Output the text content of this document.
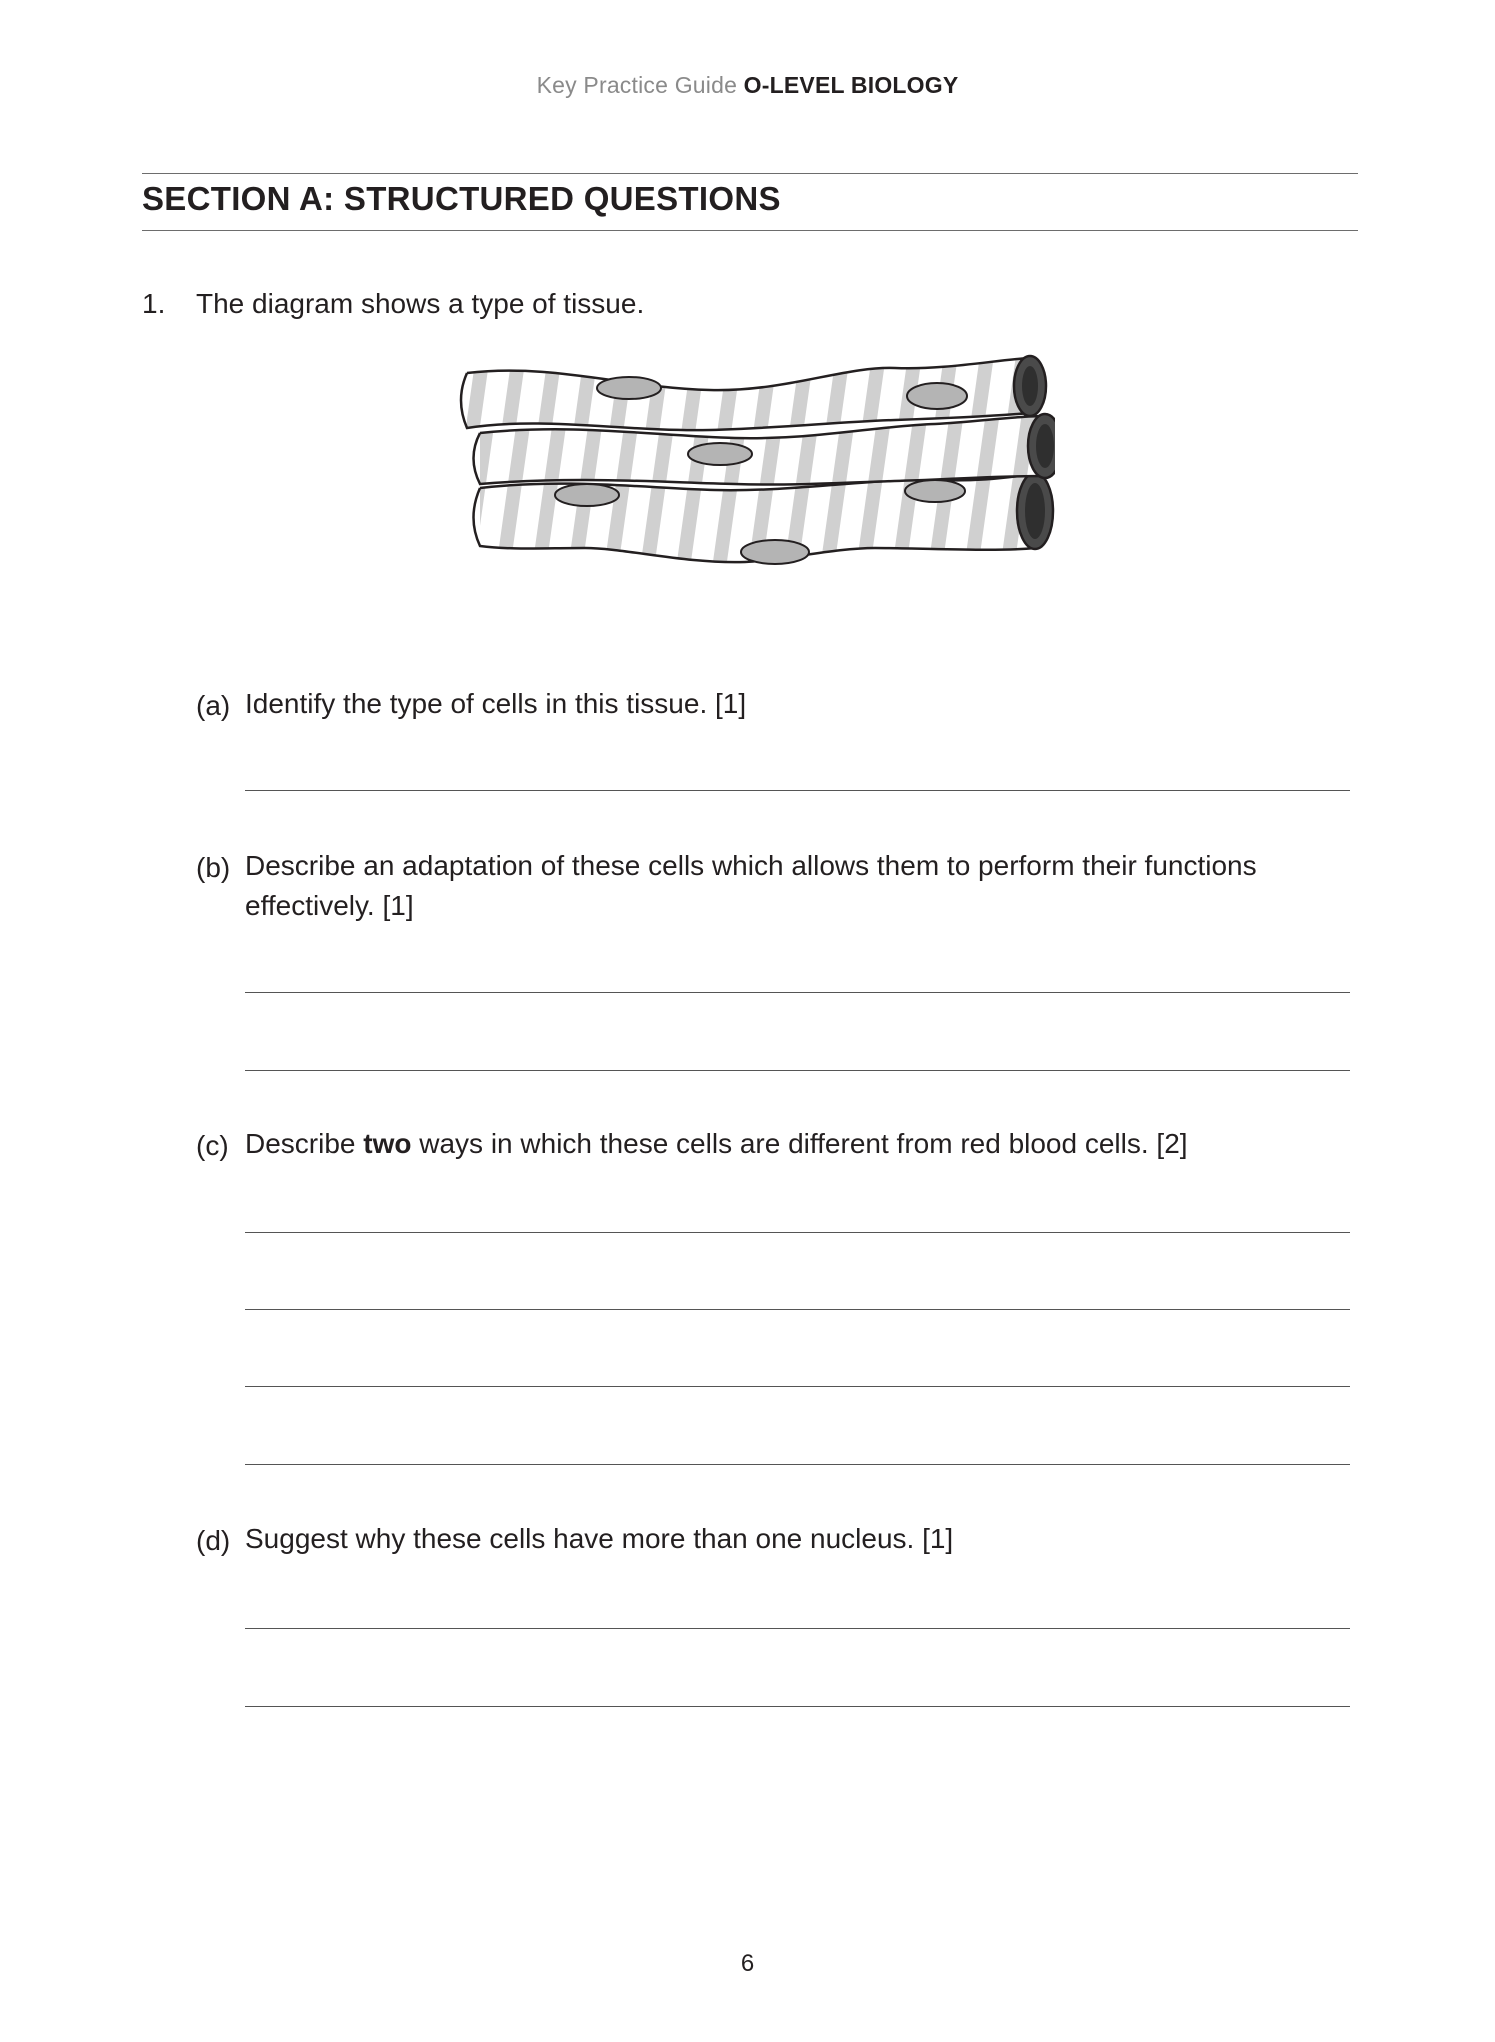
Key Practice Guide O-LEVEL BIOLOGY
SECTION A: STRUCTURED QUESTIONS
1. The diagram shows a type of tissue.
(a) Identify the type of cells in this tissue. [1]
(b) Describe an adaptation of these cells which allows them to perform their functions effectively. [1]
(c) Describe two ways in which these cells are different from red blood cells. [2]
(d) Suggest why these cells have more than one nucleus. [1]
6
